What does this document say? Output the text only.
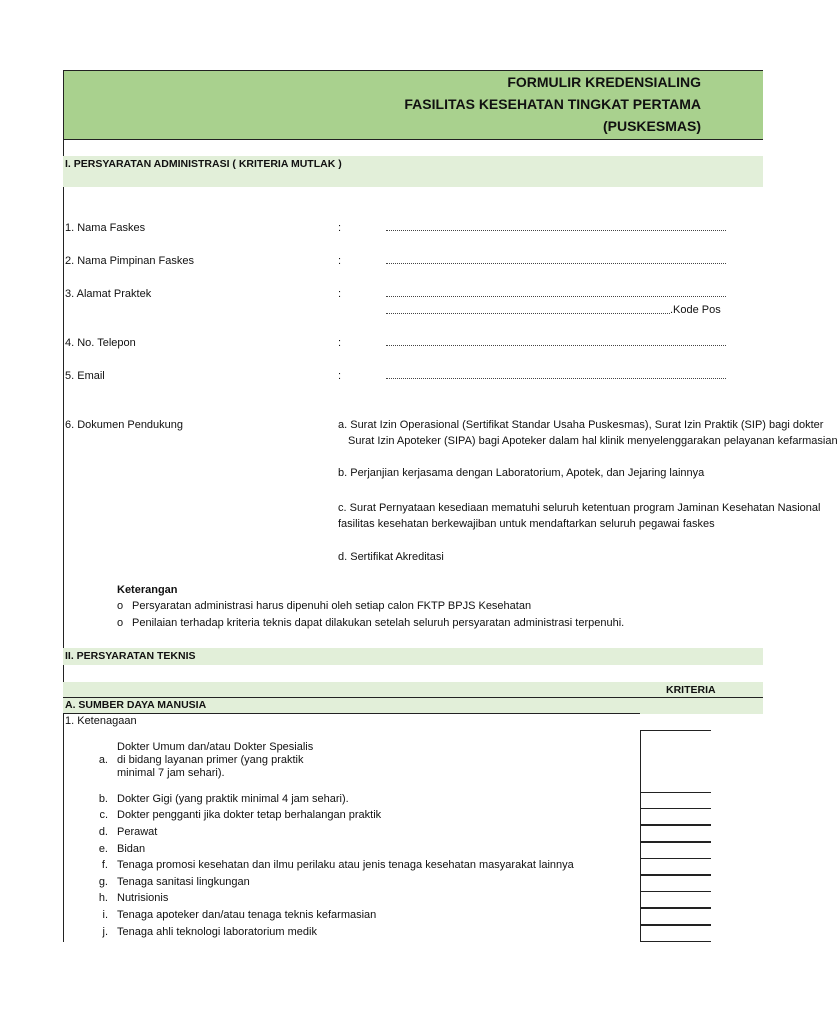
FORMULIR KREDENSIALING
FASILITAS KESEHATAN TINGKAT PERTAMA
(PUSKESMAS)
I. PERSYARATAN ADMINISTRASI ( KRITERIA MUTLAK )
1. Nama Faskes	:
2. Nama Pimpinan Faskes	:
3. Alamat Praktek	:
.Kode Pos
4. No. Telepon	:
5. Email	:
6. Dokumen Pendukung	a. Surat Izin Operasional (Sertifikat Standar Usaha Puskesmas), Surat Izin Praktik (SIP) bagi dokter
Surat Izin Apoteker (SIPA) bagi Apoteker dalam hal klinik menyelenggarakan pelayanan kefarmasian
b. Perjanjian kerjasama dengan Laboratorium, Apotek, dan Jejaring lainnya
c. Surat Pernyataan kesediaan mematuhi seluruh ketentuan program Jaminan Kesehatan Nasional
fasilitas kesehatan berkewajiban untuk mendaftarkan seluruh pegawai faskes
d. Sertifikat Akreditasi
Keterangan
o Persyaratan administrasi harus dipenuhi oleh setiap calon FKTP BPJS Kesehatan
o Penilaian terhadap kriteria teknis dapat dilakukan setelah seluruh persyaratan administrasi terpenuhi.
II. PERSYARATAN TEKNIS
KRITERIA
A. SUMBER DAYA MANUSIA
1. Ketenagaan
a.
Dokter Umum dan/atau Dokter Spesialis
di bidang layanan primer (yang praktik
minimal 7 jam sehari).
b. Dokter Gigi (yang praktik minimal 4 jam sehari).
c. Dokter pengganti jika dokter tetap berhalangan praktik
d. Perawat
e. Bidan
f. Tenaga promosi kesehatan dan ilmu perilaku atau jenis tenaga kesehatan masyarakat lainnya
g. Tenaga sanitasi lingkungan
h. Nutrisionis
i. Tenaga apoteker dan/atau tenaga teknis kefarmasian
j. Tenaga ahli teknologi laboratorium medik
